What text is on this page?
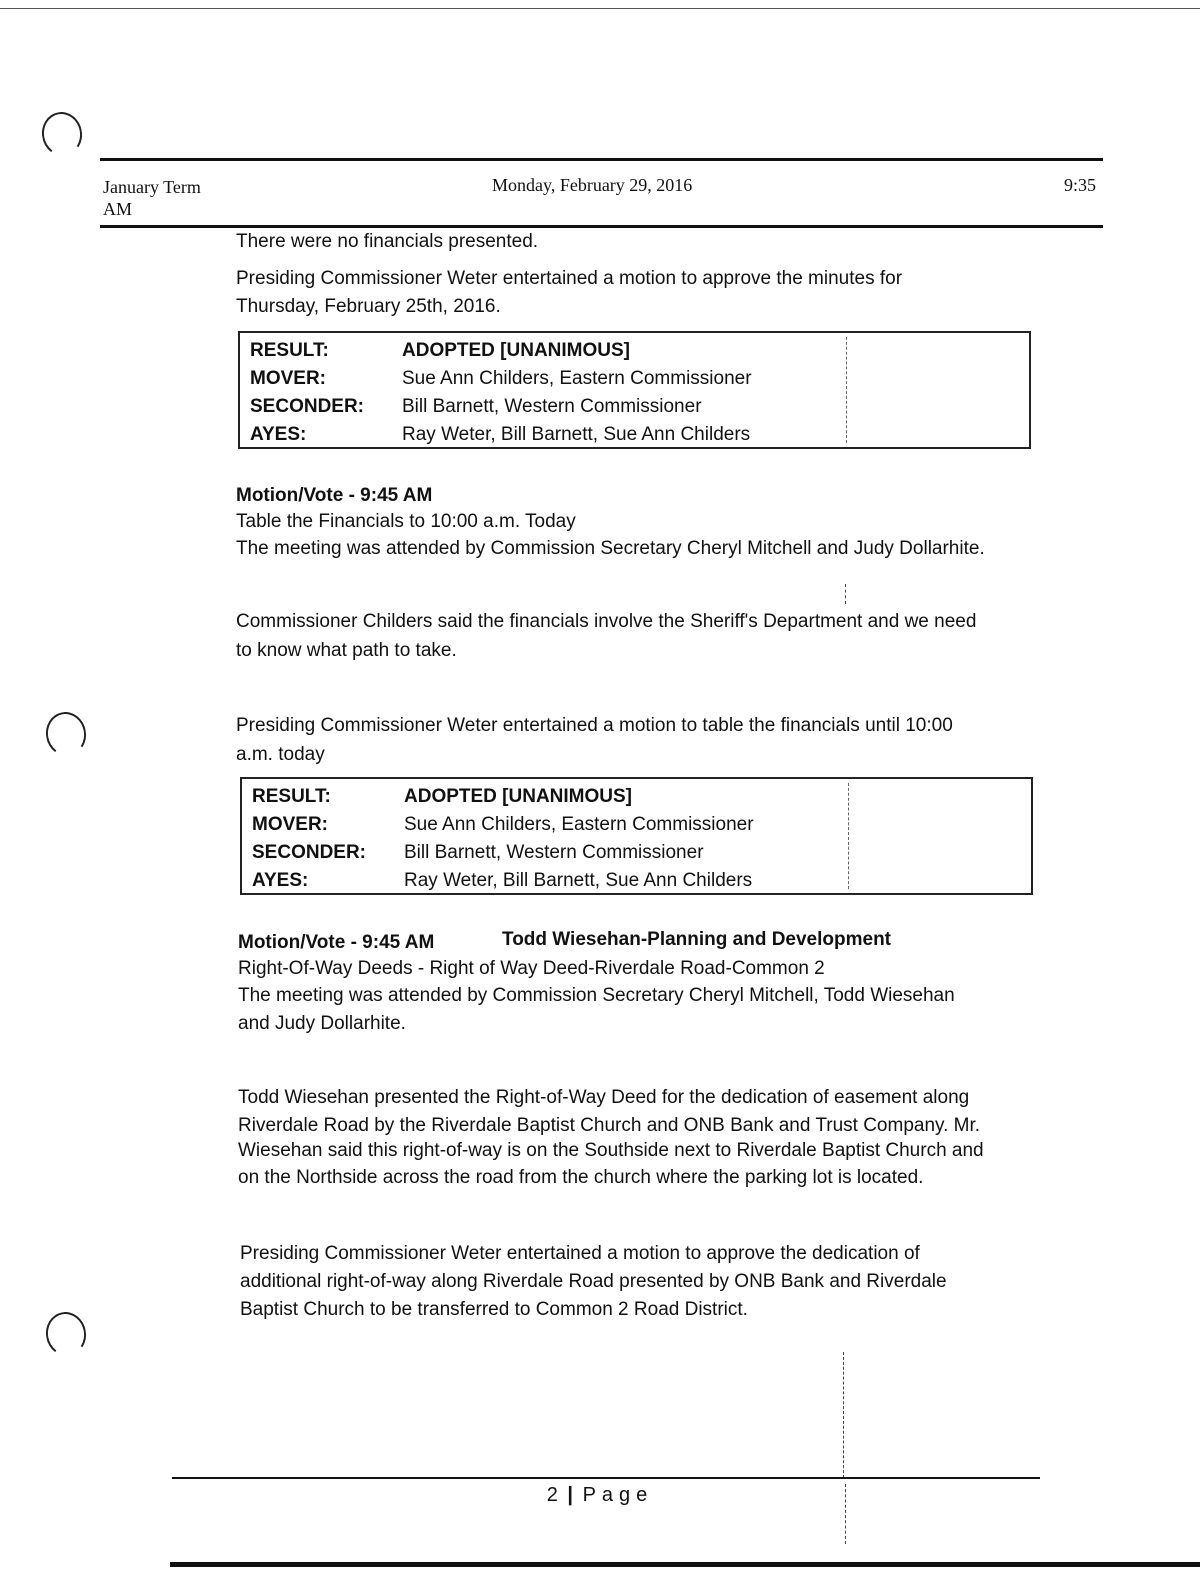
January Term
AM
Monday, February 29, 2016	9:35
There were no financials presented.
Presiding Commissioner Weter entertained a motion to approve the minutes for
Thursday, February 25th, 2016.
RESULT:	ADOPTED [UNANIMOUS]
MOVER:	Sue Ann Childers, Eastern Commissioner
SECONDER: Bill Barnett, Western Commissioner
AYES:	Ray Weter, Bill Barnett, Sue Ann Childers
Motion/Vote - 9:45 AM
Table the Financials to 10:00 a.m. Today
The meeting was attended by Commission Secretary Cheryl Mitchell and Judy Dollarhite.
Commissioner Childers said the financials involve the Sheriff's Department and we need
to know what path to take.
Presiding Commissioner Weter entertained a motion to table the financials until 10:00
a.m. today
RESULT:	ADOPTED [UNANIMOUS]
MOVER:	Sue Ann Childers, Eastern Commissioner
SECONDER: Bill Barnett, Western Commissioner
AYES:	Ray Weter, Bill Barnett, Sue Ann Childers
Motion/Vote - 9:45 AM	Todd Wiesehan-Planning and Development
Right-Of-Way Deeds - Right of Way Deed-Riverdale Road-Common 2
The meeting was attended by Commission Secretary Cheryl Mitchell, Todd Wiesehan
and Judy Dollarhite.
Todd Wiesehan presented the Right-of-Way Deed for the dedication of easement along
Riverdale Road by the Riverdale Baptist Church and ONB Bank and Trust Company. Mr.
Wiesehan said this right-of-way is on the Southside next to Riverdale Baptist Church and
on the Northside across the road from the church where the parking lot is located.
Presiding Commissioner Weter entertained a motion to approve the dedication of
additional right-of-way along Riverdale Road presented by ONB Bank and Riverdale
Baptist Church to be transferred to Common 2 Road District.
2 | Page
